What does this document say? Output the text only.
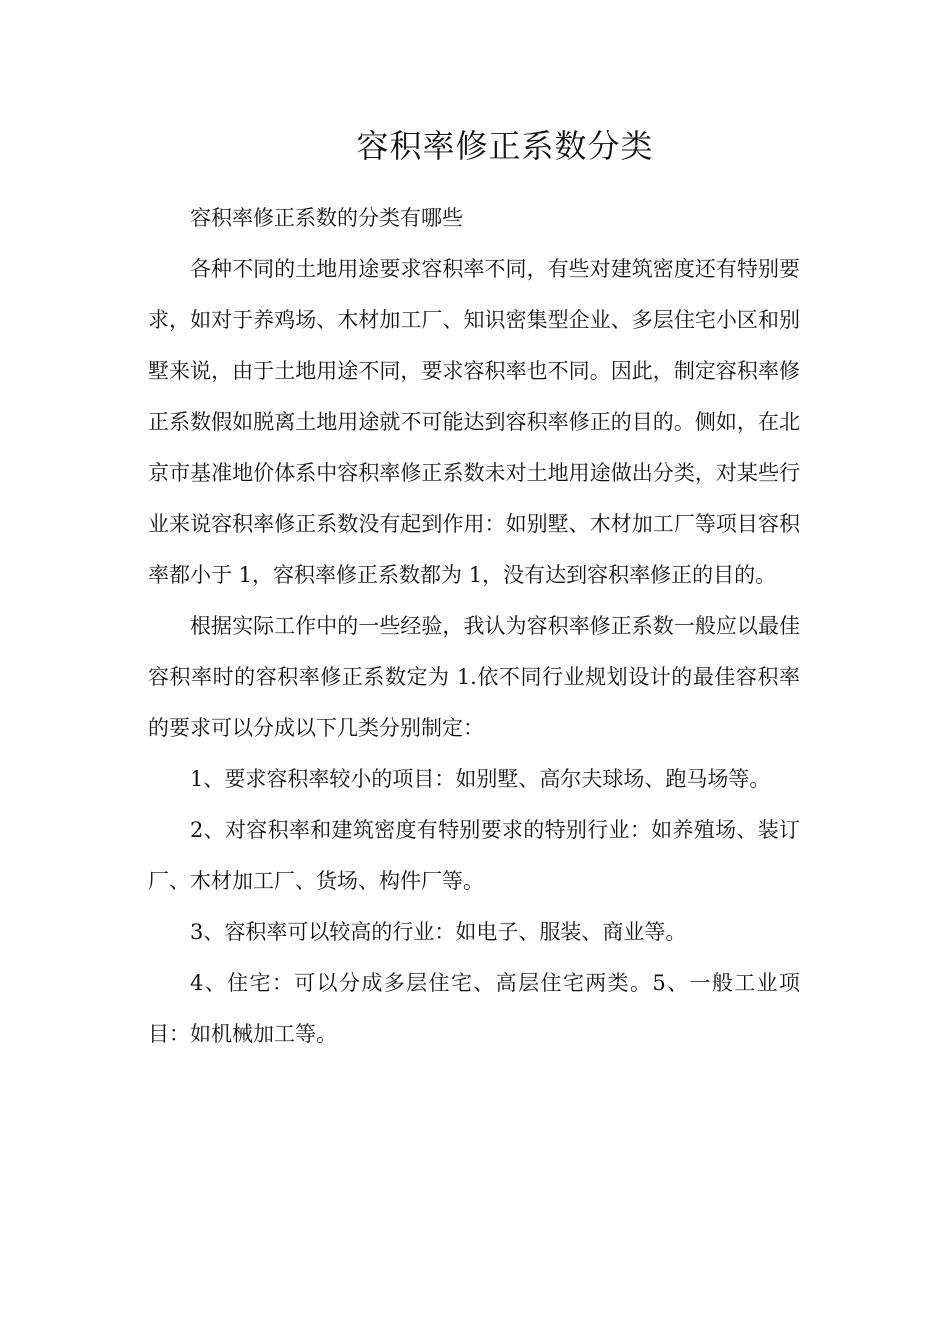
容积率修正系数分类

容积率修正系数的分类有哪些

各种不同的土地用途要求容积率不同，有些对建筑密度还有特别要求，如对于养鸡场、木材加工厂、知识密集型企业、多层住宅小区和别墅来说，由于土地用途不同，要求容积率也不同。因此，制定容积率修正系数假如脱离土地用途就不可能达到容积率修正的目的。侧如，在北京市基准地价体系中容积率修正系数未对土地用途做出分类，对某些行业来说容积率修正系数没有起到作用：如别墅、木材加工厂等项目容积率都小于 1，容积率修正系数都为 1，没有达到容积率修正的目的。

根据实际工作中的一些经验，我认为容积率修正系数一般应以最佳容积率时的容积率修正系数定为 1.依不同行业规划设计的最佳容积率的要求可以分成以下几类分别制定：

1、要求容积率较小的项目：如别墅、高尔夫球场、跑马场等。

2、对容积率和建筑密度有特别要求的特别行业：如养殖场、装订厂、木材加工厂、货场、构件厂等。

3、容积率可以较高的行业：如电子、服装、商业等。

4、住宅：可以分成多层住宅、高层住宅两类。5、一般工业项目：如机械加工等。
